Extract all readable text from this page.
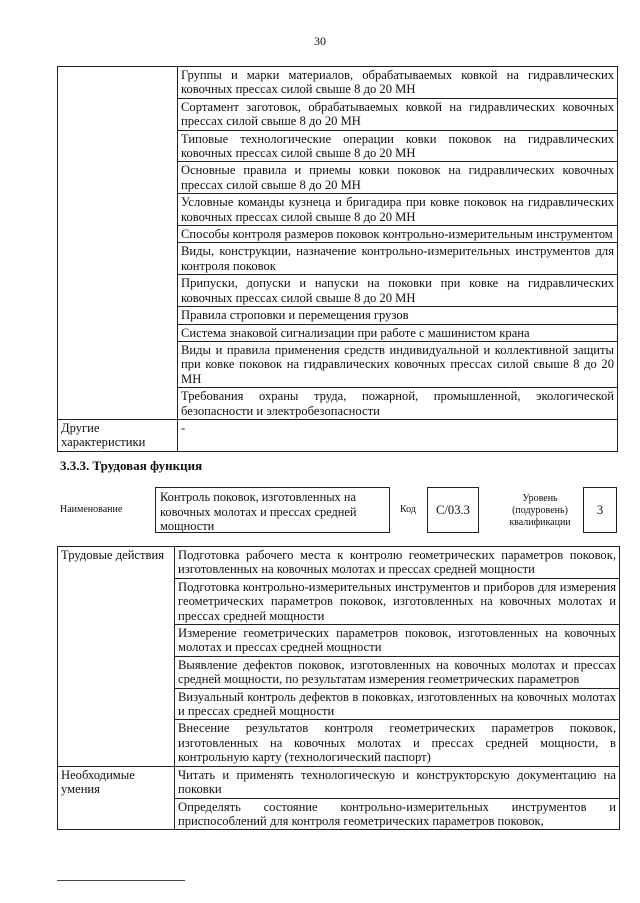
30
	Группы и марки материалов, обрабатываемых ковкой на гидравлических ковочных прессах силой свыше 8 до 20 МН
	Сортамент заготовок, обрабатываемых ковкой на гидравлических ковочных прессах силой свыше 8 до 20 МН
	Типовые технологические операции ковки поковок на гидравлических ковочных прессах силой свыше 8 до 20 МН
	Основные правила и приемы ковки поковок на гидравлических ковочных прессах силой свыше 8 до 20 МН
	Условные команды кузнеца и бригадира при ковке поковок на гидравлических ковочных прессах силой свыше 8 до 20 МН
	Способы контроля размеров поковок контрольно-измерительным инструментом
	Виды, конструкции, назначение контрольно-измерительных инструментов для контроля поковок
	Припуски, допуски и напуски на поковки при ковке на гидравлических ковочных прессах силой свыше 8 до 20 МН
	Правила строповки и перемещения грузов
	Система знаковой сигнализации при работе с машинистом крана
	Виды и правила применения средств индивидуальной и коллективной защиты при ковке поковок на гидравлических ковочных прессах силой свыше 8 до 20 МН
	Требования охраны труда, пожарной, промышленной, экологической безопасности и электробезопасности
Другие характеристики	-
3.3.3. Трудовая функция
Наименование
Контроль поковок, изготовленных на ковочных молотах и прессах средней мощности
Код	С/03.3
Уровень (подуровень) квалификации
3
Трудовые действия	Подготовка рабочего места к контролю геометрических параметров поковок, изготовленных на ковочных молотах и прессах средней мощности
	Подготовка контрольно-измерительных инструментов и приборов для измерения геометрических параметров поковок, изготовленных на ковочных молотах и прессах средней мощности
	Измерение геометрических параметров поковок, изготовленных на ковочных молотах и прессах средней мощности
	Выявление дефектов поковок, изготовленных на ковочных молотах и прессах средней мощности, по результатам измерения геометрических параметров
	Визуальный контроль дефектов в поковках, изготовленных на ковочных молотах и прессах средней мощности
	Внесение результатов контроля геометрических параметров поковок, изготовленных на ковочных молотах и прессах средней мощности, в контрольную карту (технологический паспорт)
Необходимые умения	Читать и применять технологическую и конструкторскую документацию на поковки
	Определять состояние контрольно-измерительных инструментов и приспособлений для контроля геометрических параметров поковок,
